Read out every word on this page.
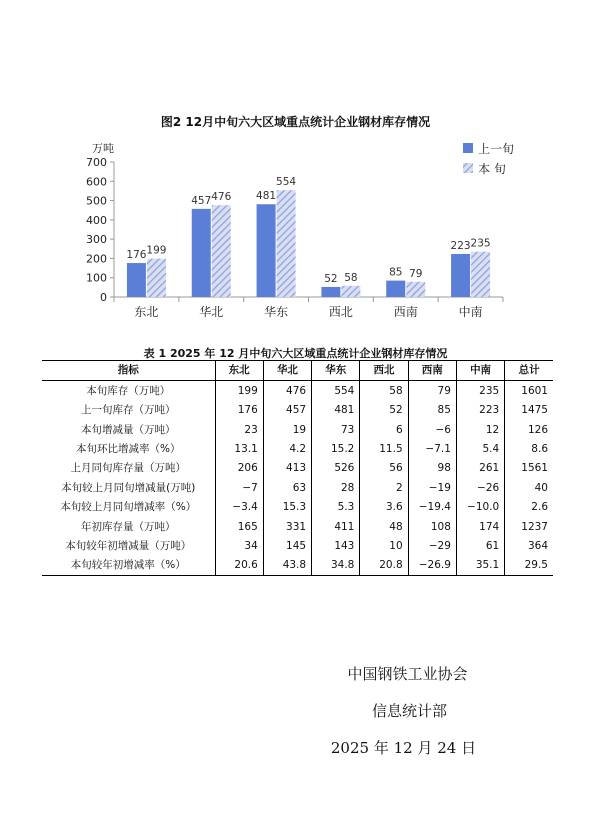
图2 12月中旬六大区域重点统计企业钢材库存情况
万吨
0
100
200
300
400
500
600
700
东北
176 199
华北
457 476
华东
481
554
西北
52 58
西南
85 79
中南
223 235
上一旬
本 旬
表 1 2025 年 12 月中旬六大区域重点统计企业钢材库存情况
指标	东北	华北	华东	西北	西南	中南	总计
本旬库存（万吨）	199	476	554	58	79	235	1601
上一旬库存（万吨）	176	457	481	52	85	223	1475
本旬增减量（万吨）	23	19	73	6	−6	12	126
本旬环比增减率（%）	13.1	4.2	15.2	11.5	−7.1	5.4	8.6
上月同旬库存量（万吨）	206	413	526	56	98	261	1561
本旬较上月同旬增减量(万吨)	−7	63	28	2	−19	−26	40
本旬较上月同旬增减率（%）	−3.4	15.3	5.3	3.6	−19.4	−10.0	2.6
年初库存量（万吨）	165	331	411	48	108	174	1237
本旬较年初增减量（万吨）	34	145	143	10	−29	61	364
本旬较年初增减率（%）	20.6	43.8	34.8	20.8	−26.9	35.1	29.5
中国钢铁工业协会
信息统计部
2025 年 12 月 24 日
